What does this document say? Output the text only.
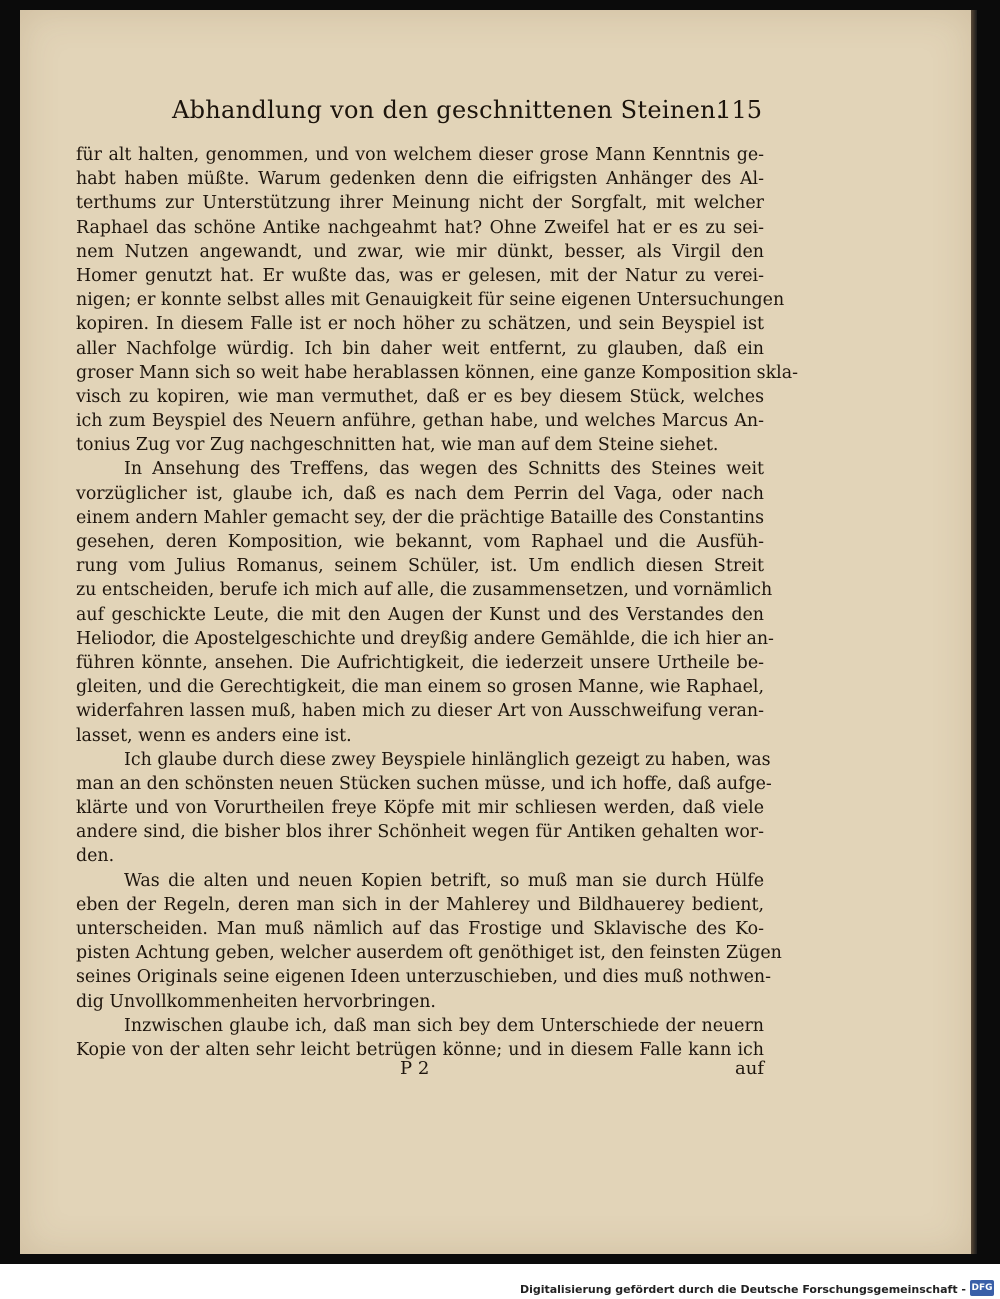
Abhandlung von den geschnittenen Steinen.
115
für alt halten, genommen, und von welchem dieser grose Mann Kenntnis ge-
habt haben müßte. Warum gedenken denn die eifrigsten Anhänger des Al-
terthums zur Unterstützung ihrer Meinung nicht der Sorgfalt, mit welcher
Raphael das schöne Antike nachgeahmt hat? Ohne Zweifel hat er es zu sei-
nem Nutzen angewandt, und zwar, wie mir dünkt, besser, als Virgil den
Homer genutzt hat. Er wußte das, was er gelesen, mit der Natur zu verei-
nigen; er konnte selbst alles mit Genauigkeit für seine eigenen Untersuchungen
kopiren. In diesem Falle ist er noch höher zu schätzen, und sein Beyspiel ist
aller Nachfolge würdig. Ich bin daher weit entfernt, zu glauben, daß ein
groser Mann sich so weit habe herablassen können, eine ganze Komposition skla-
visch zu kopiren, wie man vermuthet, daß er es bey diesem Stück, welches
ich zum Beyspiel des Neuern anführe, gethan habe, und welches Marcus An-
tonius Zug vor Zug nachgeschnitten hat, wie man auf dem Steine siehet.
In Ansehung des Treffens, das wegen des Schnitts des Steines weit
vorzüglicher ist, glaube ich, daß es nach dem Perrin del Vaga, oder nach
einem andern Mahler gemacht sey, der die prächtige Bataille des Constantins
gesehen, deren Komposition, wie bekannt, vom Raphael und die Ausfüh-
rung vom Julius Romanus, seinem Schüler, ist. Um endlich diesen Streit
zu entscheiden, berufe ich mich auf alle, die zusammensetzen, und vornämlich
auf geschickte Leute, die mit den Augen der Kunst und des Verstandes den
Heliodor, die Apostelgeschichte und dreyßig andere Gemählde, die ich hier an-
führen könnte, ansehen. Die Aufrichtigkeit, die iederzeit unsere Urtheile be-
gleiten, und die Gerechtigkeit, die man einem so grosen Manne, wie Raphael,
widerfahren lassen muß, haben mich zu dieser Art von Ausschweifung veran-
lasset, wenn es anders eine ist.
Ich glaube durch diese zwey Beyspiele hinlänglich gezeigt zu haben, was
man an den schönsten neuen Stücken suchen müsse, und ich hoffe, daß aufge-
klärte und von Vorurtheilen freye Köpfe mit mir schliesen werden, daß viele
andere sind, die bisher blos ihrer Schönheit wegen für Antiken gehalten wor-
den.
Was die alten und neuen Kopien betrift, so muß man sie durch Hülfe
eben der Regeln, deren man sich in der Mahlerey und Bildhauerey bedient,
unterscheiden. Man muß nämlich auf das Frostige und Sklavische des Ko-
pisten Achtung geben, welcher auserdem oft genöthiget ist, den feinsten Zügen
seines Originals seine eigenen Ideen unterzuschieben, und dies muß nothwen-
dig Unvollkommenheiten hervorbringen.
Inzwischen glaube ich, daß man sich bey dem Unterschiede der neuern
Kopie von der alten sehr leicht betrügen könne; und in diesem Falle kann ich
P 2	auf
Digitalisierung gefördert durch die Deutsche Forschungsgemeinschaft - DFG
